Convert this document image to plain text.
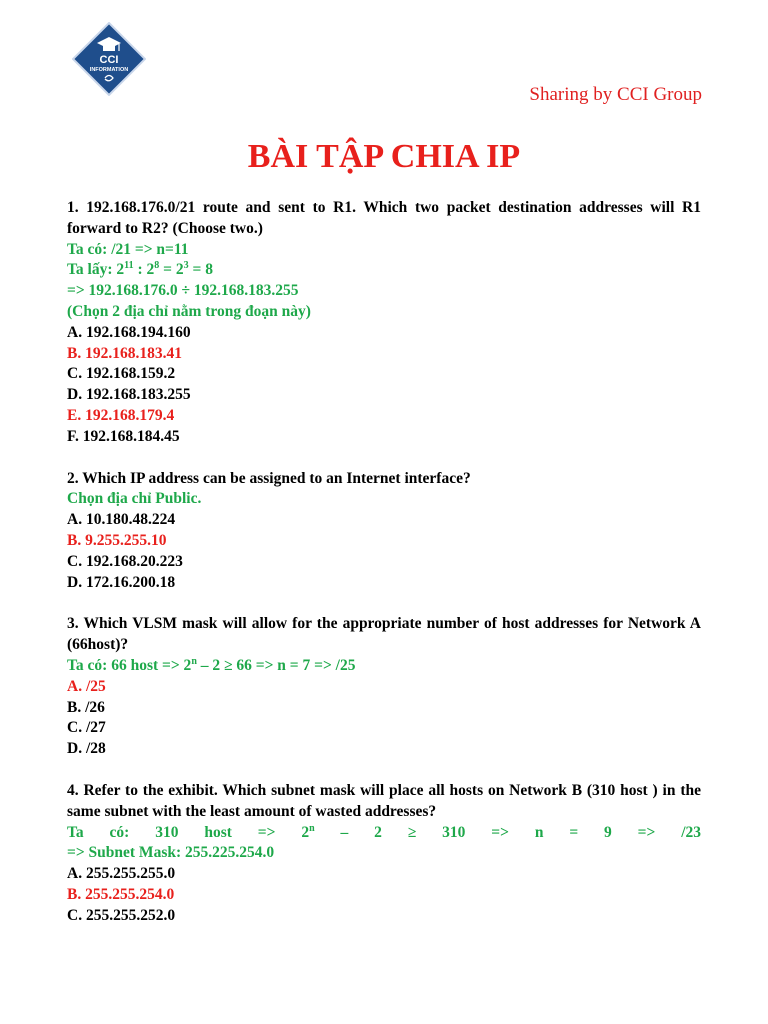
CCI
INFORMATION
Sharing by CCI Group
BÀI TẬP CHIA IP
1. 192.168.176.0/21 route and sent to R1. Which two packet destination addresses will R1 forward to R2? (Choose two.)
Ta có: /21 => n=11
Ta lấy: $2^{11}$ : $2^8 = 2^3 = 8$
=> 192.168.176.0 ÷ 192.168.183.255
(Chọn 2 địa chỉ nằm trong đoạn này)
A. 192.168.194.160
B. 192.168.183.41
C. 192.168.159.2
D. 192.168.183.255
E. 192.168.179.4
F. 192.168.184.45
2. Which IP address can be assigned to an Internet interface?
Chọn địa chỉ Public.
A. 10.180.48.224
B. 9.255.255.10
C. 192.168.20.223
D. 172.16.200.18
3. Which VLSM mask will allow for the appropriate number of host addresses for Network A (66host)?
Ta có: 66 host => $2^n - 2 \ge 66 => n = 7 => /25$
A. /25
B. /26
C. /27
D. /28
4. Refer to the exhibit. Which subnet mask will place all hosts on Network B (310 host ) in the same subnet with the least amount of wasted addresses?
Ta có: 310 host => $2^n - 2 \ge 310 => n = 9 => /23$
=> Subnet Mask: 255.225.254.0
A. 255.255.255.0
B. 255.255.254.0
C. 255.255.252.0
